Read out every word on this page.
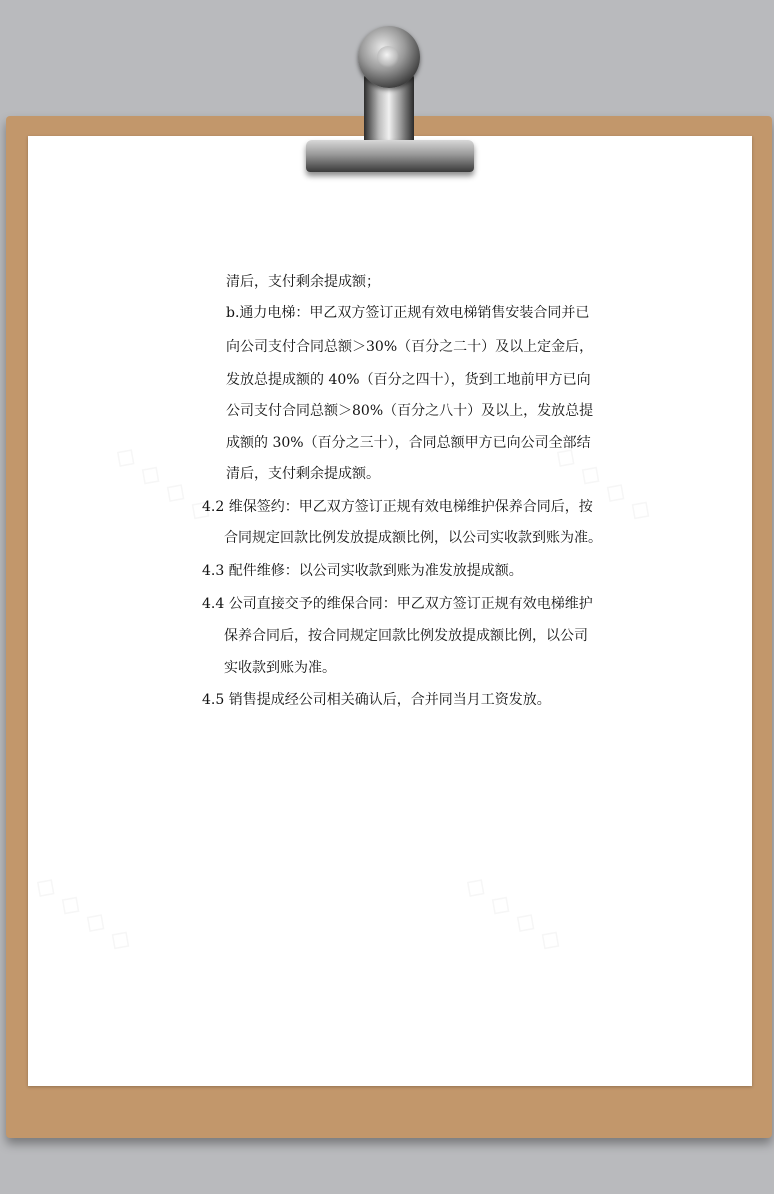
◇ ◇ ◇ ◇	◇ ◇ ◇ ◇
◇ ◇ ◇ ◇	◇ ◇ ◇ ◇
清后，支付剩余提成额；
b.通力电梯：甲乙双方签订正规有效电梯销售安装合同并已
向公司支付合同总额＞30%（百分之二十）及以上定金后，
发放总提成额的 40%（百分之四十），货到工地前甲方已向
公司支付合同总额＞80%（百分之八十）及以上，发放总提
成额的 30%（百分之三十），合同总额甲方已向公司全部结
清后，支付剩余提成额。
4.2 维保签约：甲乙双方签订正规有效电梯维护保养合同后，按
合同规定回款比例发放提成额比例，以公司实收款到账为准。
4.3 配件维修：以公司实收款到账为准发放提成额。
4.4 公司直接交予的维保合同：甲乙双方签订正规有效电梯维护
保养合同后，按合同规定回款比例发放提成额比例，以公司
实收款到账为准。
4.5 销售提成经公司相关确认后，合并同当月工资发放。
